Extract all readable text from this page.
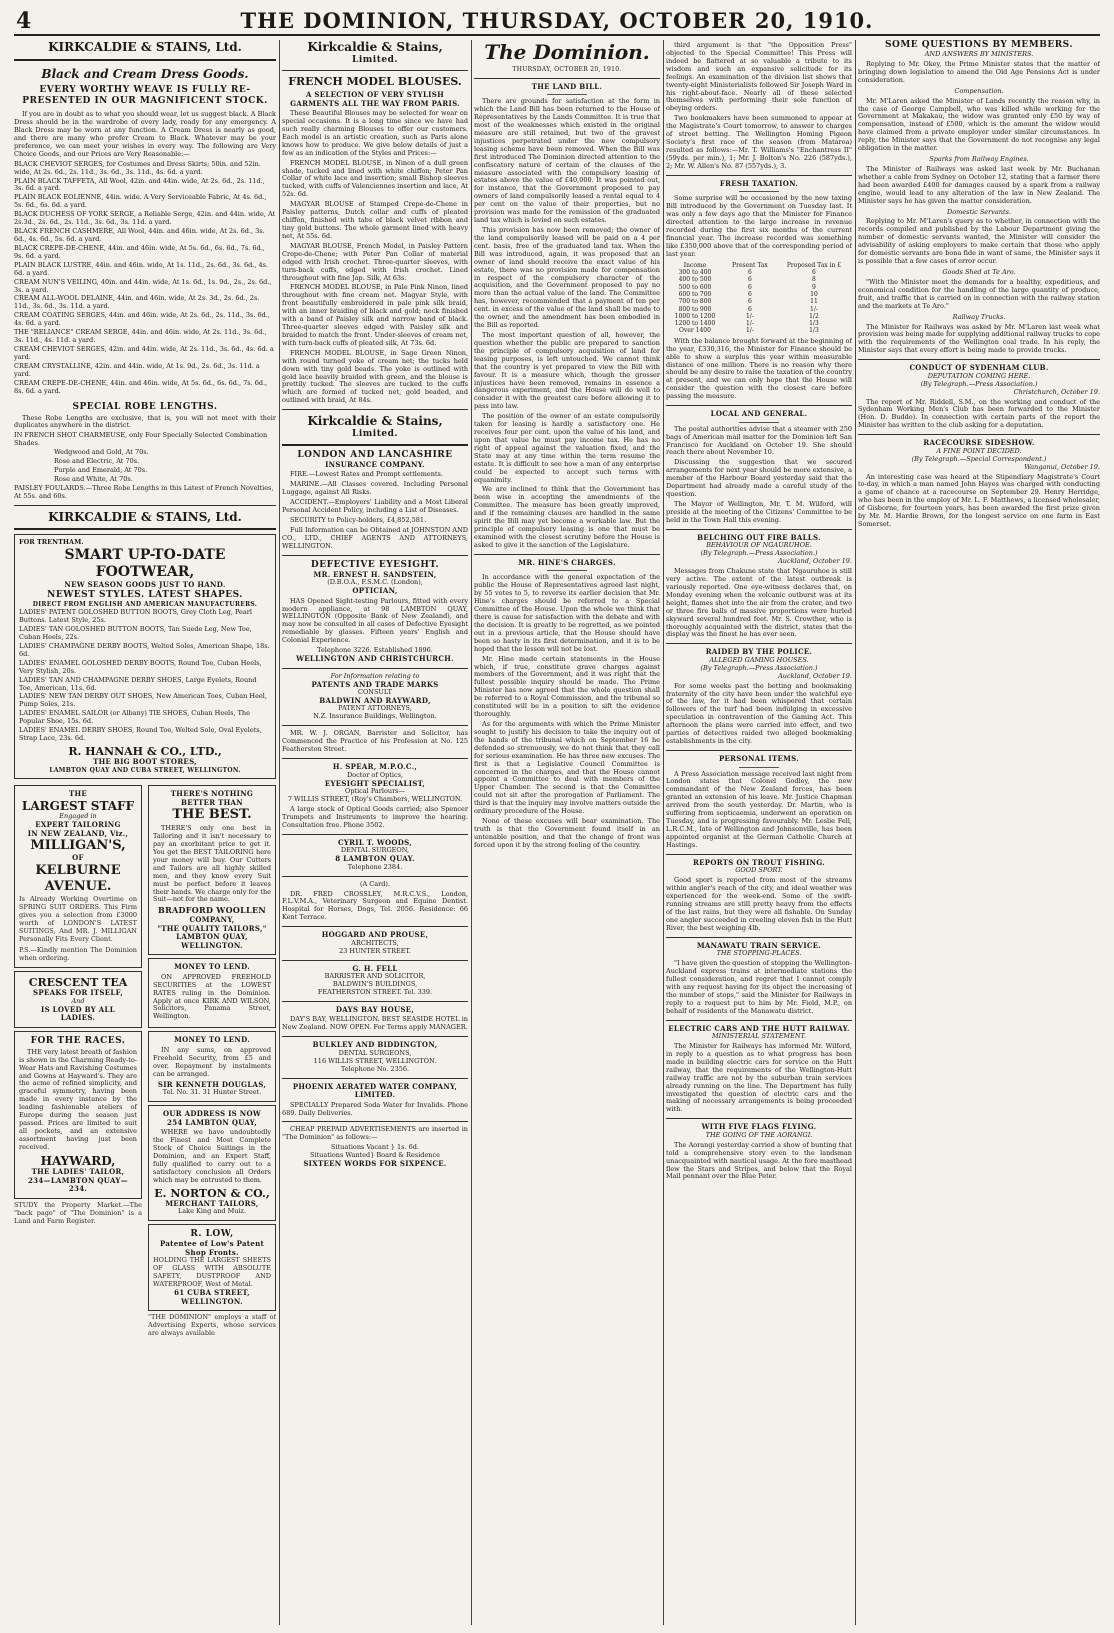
4	THE DOMINION, THURSDAY, OCTOBER 20, 1910.
KIRKCALDIE & STAINS, Ltd.
Black and Cream Dress Goods.
EVERY WORTHY WEAVE IS FULLY RE-
PRESENTED IN OUR MAGNIFICENT STOCK.
If you are in doubt as to what you should wear, let us suggest black. A Black Dress should be in the wardrobe of every lady, ready for any emergency. A Black Dress may be worn at any function. A Cream Dress is nearly as good, and there are many who prefer Cream to Black. Whatever may be your preference, we can meet your wishes in every way. The following are Very Choice Goods, and our Prices are Very Reasonable:—
BLACK CHEVIOT SERGES, for Costumes and Dress Skirts; 50in. and 52in. wide, At 2s. 6d., 2s. 11d., 3s. 6d., 3s. 11d., 4s. 6d. a yard.
PLAIN BLACK TAFFETA, All Wool, 42in. and 44in. wide, At 2s. 6d., 2s. 11d., 3s. 6d. a yard.
PLAIN BLACK EOLIENNE, 44in. wide. A Very Serviceable Fabric, At 4s. 6d., 5s. 6d., 6s. 6d. a yard.
BLACK DUCHESS OF YORK SERGE, a Reliable Serge, 42in. and 44in. wide, At 2s.3d., 2s. 6d., 2s. 11d., 3s. 6d., 3s. 11d. a yard.
BLACK FRENCH CASHMERE, All Wool, 44in. and 46in. wide, At 2s. 6d., 3s. 6d., 4s. 6d., 5s. 6d. a yard.
BLACK CREPE-DE-CHENE, 44in. and 46in. wide, At 5s. 6d., 6s. 6d., 7s. 6d., 9s. 6d. a yard.
PLAIN BLACK LUSTRE, 44in. and 46in. wide, At 1s. 11d., 2s. 6d., 3s. 6d., 4s. 6d. a yard.
CREAM NUN'S VEILING, 40in. and 44in. wide, At 1s. 6d., 1s. 9d., 2s., 2s. 6d., 3s. a yard.
CREAM ALL-WOOL DELAINE, 44in. and 46in. wide, At 2s. 3d., 2s. 6d., 2s. 11d., 3s. 6d., 3s. 11d. a yard.
CREAM COATING SERGES, 44in. and 46in. wide, At 2s. 6d., 2s. 11d., 3s. 6d., 4s. 6d. a yard.
THE "RELIANCE" CREAM SERGE, 44in. and 46in. wide, At 2s. 11d., 3s. 6d., 3s. 11d., 4s. 11d. a yard.
CREAM CHEVIOT SERGES, 42in. and 44in. wide, At 2s. 11d., 3s. 6d., 4s. 6d. a yard.
CREAM CRYSTALLINE, 42in. and 44in. wide, At 1s. 9d., 2s. 6d., 3s. 11d. a yard.
CREAM CREPE-DE-CHENE, 44in. and 46in. wide, At 5s. 6d., 6s. 6d., 7s. 6d., 8s. 6d. a yard.
SPECIAL ROBE LENGTHS.
These Robe Lengths are exclusive, that is, you will not meet with their duplicates anywhere in the district.
IN FRENCH SHOT CHARMEUSE, only Four Specially Selected Combination Shades.
Wedgwood and Gold, At 70s.
Rose and Electric, At 70s.
Purple and Emerald, At 70s.
Rose and White, At 70s.
PAISLEY FOULARDS.—Three Robe Lengths in this Latest of French Novelties, At 55s. and 60s.
KIRKCALDIE & STAINS, Ltd.
FOR TRENTHAM.
SMART UP-TO-DATE
FOOTWEAR,
NEW SEASON GOODS JUST TO HAND.
NEWEST STYLES. LATEST SHAPES.
DIRECT FROM ENGLISH AND AMERICAN MANUFACTURERS.
LADIES' PATENT GOLOSHED BUTTON BOOTS, Grey Cloth Leg, Pearl Buttons. Latest Style, 25s.
LADIES' TAN GOLOSHED BUTTON BOOTS, Tan Suede Leg, New Toe, Cuban Heels, 22s.
LADIES' CHAMPAGNE DERBY BOOTS, Welted Soles, American Shape, 18s. 6d.
LADIES' ENAMEL GOLOSHED DERBY BOOTS, Round Toe, Cuban Heels, Very Stylish, 20s.
LADIES' TAN AND CHAMPAGNE DERBY SHOES, Large Eyelets, Round Toe, American, 11s. 6d.
LADIES' NEW TAN DERBY OUT SHOES, New American Toes, Cuban Heel, Pump Soles, 21s.
LADIES' ENAMEL SAILOR (or Albany) TIE SHOES, Cuban Heels, The Popular Shoe, 15s. 6d.
LADIES' ENAMEL DERBY SHOES, Round Toe, Welted Sole, Oval Eyelets, Strap Lace, 23s. 6d.
R. HANNAH & CO., LTD.,
THE BIG BOOT STORES,
LAMBTON QUAY AND CUBA STREET, WELLINGTON.
THE
LARGEST STAFF
Engaged in
EXPERT TAILORING
IN NEW ZEALAND, Viz.,
MILLIGAN'S,
OF
KELBURNE
AVENUE.
Is Already Working Overtime on SPRING SUIT ORDERS. This Firm gives you a selection from £3000 worth of LONDON'S LATEST SUITINGS, And MR. J. MILLIGAN Personally Fits Every Client.
P.S.—Kindly mention The Dominion when ordering.
CRESCENT TEA
SPEAKS FOR ITSELF,
And
IS LOVED BY ALL
LADIES.
FOR THE RACES.
THE very latest breath of fashion is shown in the Charming Ready-to-Wear Hats and Ravishing Costumes and Gowns at Hayward's. They are the acme of refined simplicity, and graceful symmetry, having been made in every instance by the leading fashionable ateliers of Europe during the season just passed. Prices are limited to suit all pockets, and an extensive assortment having just been received.
HAYWARD,
THE LADIES' TAILOR,
234—LAMBTON QUAY—234.
STUDY the Property Market.—The "back page" of "The Dominion" is a Land and Farm Register.
THERE'S NOTHING BETTER THAN
THE BEST.
THERE'S only one best in Tailoring and it isn't necessary to pay an exorbitant price to get it. You get the BEST TAILORING here your money will buy. Our Cutters and Tailors are all highly skilled men, and they know every Suit must be perfect before it leaves their hands. We charge only for the Suit—not for the name.
BRADFORD WOOLLEN
COMPANY,
"THE QUALITY TAILORS,"
LAMBTON QUAY, WELLINGTON.
MONEY TO LEND.
ON APPROVED FREEHOLD SECURITIES at the LOWEST RATES ruling in the Dominion. Apply at once KIRK AND WILSON, Solicitors, Panama Street, Wellington.
MONEY TO LEND.
IN any sums, on approved Freehold Security, from £5 and over. Repayment by instalments can be arranged.
SIR KENNETH DOUGLAS,
Tel. No. 31. 31 Hunter Street.
OUR ADDRESS IS NOW
254 LAMBTON QUAY,
WHERE we have undoubtedly the Finest and Most Complete Stock of Choice Suitings in the Dominion, and an Expert Staff, fully qualified to carry out to a satisfactory conclusion all Orders which may be entrusted to them.
E. NORTON & CO.,
MERCHANT TAILORS,
Lake King and Muiz.
R. LOW,
Patentee of Low's Patent Shop Fronts.
HOLDING THE LARGEST SHEETS OF GLASS WITH ABSOLUTE SAFETY, DUSTPROOF AND WATERPROOF, West of Metal.
61 CUBA STREET, WELLINGTON.
"THE DOMINION" employs a staff of Advertising Experts, whose services are always available
Kirkcaldie & Stains,
Limited.
FRENCH MODEL BLOUSES.
A SELECTION OF VERY STYLISH GARMENTS ALL THE WAY FROM PARIS.
These Beautiful Blouses may be selected for wear on special occasions. It is a long time since we have had such really charming Blouses to offer our customers. Each model is an artistic creation, such as Paris alone knows how to produce. We give below details of just a few as an indication of the Styles and Prices:—
FRENCH MODEL BLOUSE, in Ninon of a dull green shade, tucked and lined with white chiffon; Peter Pan Collar of white lace and insertion; small Bishop sleeves tucked, with cuffs of Valenciennes insertion and lace, At 52s. 6d.
MAGYAR BLOUSE of Stamped Crepe-de-Chene in Paisley patterns, Dutch collar and cuffs of pleated chiffon, finished with tabs of black velvet ribbon and tiny gold buttons. The whole garment lined with heavy net, At 55s. 6d.
MAGYAR BLOUSE, French Model, in Paisley Pattern Crepe-de-Chene; with Peter Pan Collar of material edged with Irish crochet. Three-quarter sleeves, with turn-back cuffs, edged with Irish crochet. Lined throughout with fine Jap. Silk, At 63s.
FRENCH MODEL BLOUSE, in Pale Pink Ninon, lined throughout with fine cream net. Magyar Style, with front beautifully embroidered in pale pink silk braid, with an inner braiding of black and gold; neck finished with a band of Paisley silk and narrow band of black. Three-quarter sleeves edged with Paisley silk and braided to match the front. Under-sleeves of cream net, with turn-back cuffs of pleated silk, At 73s. 6d.
FRENCH MODEL BLOUSE, in Sage Green Ninon, with round turned yoke of cream net; the tucks held down with tiny gold beads. The yoke is outlined with gold lace heavily braided with green, and the blouse is prettily tucked. The sleeves are tucked to the cuffs which are formed of tucked net, gold beaded, and outlined with braid, At 84s.
Kirkcaldie & Stains,
Limited.
LONDON AND LANCASHIRE
INSURANCE COMPANY.
FIRE.—Lowest Rates and Prompt settlements.
MARINE.—All Classes covered. Including Personal Luggage, against All Risks.
ACCIDENT.—Employers' Liability and a Most Liberal Personal Accident Policy, including a List of Diseases.
SECURITY to Policy-holders, £4,852,581.
Full Information can be Obtained at JOHNSTON AND CO., LTD., CHIEF AGENTS AND ATTORNEYS, WELLINGTON.
DEFECTIVE EYESIGHT.
MR. ERNEST H. SANDSTEIN,
(D.B.O.A., F.S.M.C. (London),
OPTICIAN,
HAS Opened Sight-testing Parlours, fitted with every modern appliance, at 98 LAMBTON QUAY, WELLINGTON (Opposite Bank of New Zealand), and may now be consulted in all cases of Defective Eyesight remediable by glasses. Fifteen years' English and Colonial Experience.
Telephone 3226. Established 1896.
WELLINGTON AND CHRISTCHURCH.
For Information relating to
PATENTS AND TRADE MARKS
CONSULT
BALDWIN AND RAYWARD,
PATENT ATTORNEYS,
N.Z. Insurance Buildings, Wellington.
MR. W. J. ORGAN, Barrister and Solicitor, has Commenced the Practice of his Profession at No. 125 Featherston Street.
H. SPEAR, M.P.O.C.,
Doctor of Optics,
EYESIGHT SPECIALIST,
Optical Parlours—
7 WILLIS STREET, (Roy's Chambers, WELLINGTON.
A large stock of Optical Goods carried; also Spencer Trumpets and Instruments to improve the hearing. Consultation free. Phone 3502.
CYRIL T. WOODS,
DENTAL SURGEON,
8 LAMBTON QUAY.
Telephone 2384.
(A Card).
DR. FRED CROSSLEY, M.R.C.V.S., London, F.L.V.M.A., Veterinary Surgeon and Equine Dentist. Hospital for Horses, Dogs, Tel. 2056. Residence: 66 Kent Terrace.
HOGGARD AND PROUSE,
ARCHITECTS,
23 HUNTER STREET.
G. H. FELL
BARRISTER AND SOLICITOR,
BALDWIN'S BUILDINGS,
FEATHERSTON STREET. Tel. 339.
DAYS BAY HOUSE,
DAY'S BAY, WELLINGTON. BEST SEASIDE HOTEL in New Zealand. NOW OPEN. For Terms apply MANAGER.
BULKLEY AND BIDDINGTON,
DENTAL SURGEONS,
116 WILLIS STREET, WELLINGTON.
Telephone No. 2356.
PHOENIX AERATED WATER COMPANY, LIMITED.
SPECIALLY Prepared Soda Water for Invalids. Phone 689. Daily Deliveries.
CHEAP PREPAID ADVERTISEMENTS are inserted in "The Dominion" as follows:—
Situations Vacant } 1s. 6d.
Situations Wanted} Board & Residence
SIXTEEN WORDS FOR SIXPENCE.
The Dominion.
THURSDAY, OCTOBER 20, 1910.
THE LAND BILL.
There are grounds for satisfaction at the form in which the Land Bill has been returned to the House of Representatives by the Lands Committee. It is true that most of the weaknesses which existed in the original measure are still retained, but two of the gravest injustices perpetrated under the new compulsory leasing scheme have been removed. When the Bill was first introduced The Dominion directed attention to the confiscatory nature of certain of the clauses of the measure associated with the compulsory leasing of estates above the value of £40,000. It was pointed out, for instance, that the Government proposed to pay owners of land compulsorily leased a rental equal to 4 per cent on the value of their properties, but no provision was made for the remission of the graduated land tax which is levied on such estates.
This provision has now been removed; the owner of the land compulsorily leased will be paid on a 4 per cent. basis, free of the graduated land tax. When the Bill was introduced, again, it was proposed that an owner of land should receive the exact value of his estate, there was no provision made for compensation in respect of the compulsory character of the acquisition, and the Government proposed to pay no more than the actual value of the land. The Committee has, however, recommended that a payment of ten per cent. in excess of the value of the land shall be made to the owner, and the amendment has been embodied in the Bill as reported.
The most important question of all, however, the question whether the public are prepared to sanction the principle of compulsory acquisition of land for leasing purposes, is left untouched. We cannot think that the country is yet prepared to view the Bill with favour. It is a measure which, though the grosser injustices have been removed, remains in essence a dangerous experiment, and the House will do well to consider it with the greatest care before allowing it to pass into law.
The position of the owner of an estate compulsorily taken for leasing is hardly a satisfactory one. He receives four per cent. upon the value of his land, and upon that value he must pay income tax. He has no right of appeal against the valuation fixed, and the State may at any time within the term resume the estate. It is difficult to see how a man of any enterprise could be expected to accept such terms with equanimity.
We are inclined to think that the Government has been wise in accepting the amendments of the Committee. The measure has been greatly improved, and if the remaining clauses are handled in the same spirit the Bill may yet become a workable law. But the principle of compulsory leasing is one that must be examined with the closest scrutiny before the House is asked to give it the sanction of the Legislature.
MR. HINE'S CHARGES.
In accordance with the general expectation of the public the House of Representatives agreed last night, by 55 votes to 5, to reverse its earlier decision that Mr. Hine's charges should be referred to a Special Committee of the House. Upon the whole we think that there is cause for satisfaction with the debate and with the decision. It is greatly to be regretted, as we pointed out in a previous article, that the House should have been so hasty in its first determination, and it is to be hoped that the lesson will not be lost.
Mr. Hine made certain statements in the House which, if true, constitute grave charges against members of the Government, and it was right that the fullest possible inquiry should be made. The Prime Minister has now agreed that the whole question shall be referred to a Royal Commission, and the tribunal so constituted will be in a position to sift the evidence thoroughly.
As for the arguments with which the Prime Minister sought to justify his decision to take the inquiry out of the hands of the tribunal which on September 16 he defended so strenuously, we do not think that they call for serious examination. He has three new excuses. The first is that a Legislative Council Committee is concerned in the charges, and that the House cannot appoint a Committee to deal with members of the Upper Chamber. The second is that the Committee could not sit after the prorogation of Parliament. The third is that the inquiry may involve matters outside the ordinary procedure of the House.
None of these excuses will bear examination. The truth is that the Government found itself in an untenable position, and that the change of front was forced upon it by the strong feeling of the country.
third argument is that "the Opposition Press" objected to the Special Committee! This Press will indeed be flattered at so valuable a tribute to its wisdom and such an expansive solicitude for its feelings. An examination of the division list shows that twenty-eight Ministerialists followed Sir Joseph Ward in his right-about-face. Nearly all of these selected themselves with performing their sole function of obeying orders.
Two bookmakers have been summoned to appear at the Magistrate's Court tomorrow, to answer to charges of street betting. The Wellington Homing Pigeon Society's first race of the season (from Mataroa) resulted as follows:—Mr. T. Williams's "Enchantress II" (59yds. per min.), 1; Mr. J. Bolton's No. 226 (587yds.), 2; Mr. W. Allen's No. 87 (557yds.), 3.
FRESH TAXATION.
Some surprise will be occasioned by the new taxing Bill introduced by the Government on Tuesday last. It was only a few days ago that the Minister for Finance directed attention to the large increase in revenue recorded during the first six months of the current financial year. The increase recorded was something like £350,000 above that of the corresponding period of last year.
Income	Present Tax	Proposed Tax in £
300 to 400	6	6
400 to 500	6	8
500 to 600	6	9
600 to 700	6	10
700 to 800	6	11
800 to 900	6	1/-
1000 to 1200	1/-	1/2
1200 to 1400	1/-	1/3
Over 1400	1/-	1/3
With the balance brought forward at the beginning of the year, £330,316, the Minister for Finance should be able to show a surplus this year within measurable distance of one million. There is no reason why there should be any desire to raise the taxation of the country at present, and we can only hope that the House will consider the question with the closest care before passing the measure.
LOCAL AND GENERAL.
The postal authorities advise that a steamer with 250 bags of American mail matter for the Dominion left San Francisco for Auckland on October 19. She should reach there about November 10.
Discussing the suggestion that we secured arrangements for next year should be more extensive, a member of the Harbour Board yesterday said that the Department had already made a careful study of the question.
The Mayor of Wellington, Mr. T. M. Wilford, will preside at the meeting of the Citizens' Committee to be held in the Town Hall this evening.
BELCHING OUT FIRE BALLS.
BEHAVIOUR OF NGAURUHOE.
(By Telegraph.—Press Association.)
Auckland, October 19.
Messages from Chakune state that Ngauruhoe is still very active. The extent of the latest outbreak is variously reported. One eye-witness declares that, on Monday evening when the volcanic outburst was at its height, flames shot into the air from the crater, and two or three fire balls of massive proportions were hurled skyward several hundred feet. Mr. S. Crowther, who is thoroughly acquainted with the district, states that the display was the finest he has ever seen.
RAIDED BY THE POLICE.
ALLEGED GAMING HOUSES.
(By Telegraph.—Press Association.)
Auckland, October 19.
For some weeks past the betting and bookmaking fraternity of the city have been under the watchful eye of the law, for it had been whispered that certain followers of the turf had been indulging in excessive speculation in contravention of the Gaming Act. This afternoon the plans were carried into effect, and two parties of detectives raided two alleged bookmaking establishments in the city.
PERSONAL ITEMS.
A Press Association message received last night from London states that Colonel Godley, the new commandant of the New Zealand forces, has been granted an extension of his leave. Mr. Justice Chapman arrived from the south yesterday. Dr. Martin, who is suffering from septicaemia, underwent an operation on Tuesday, and is progressing favourably. Mr. Leslie Fell, L.R.C.M., late of Wellington and Johnsonville, has been appointed organist at the German Catholic Church at Hastings.
REPORTS ON TROUT FISHING.
GOOD SPORT.
Good sport is reported from most of the streams within angler's reach of the city, and ideal weather was experienced for the week-end. Some of the swift-running streams are still pretty heavy from the effects of the last rains, but they were all fishable. On Sunday one angler succeeded in creeling eleven fish in the Hutt River, the best weighing 4lb.
MANAWATU TRAIN SERVICE.
THE STOPPING-PLACES.
"I have given the question of stopping the Wellington-Auckland express trains at intermediate stations the fullest consideration, and regret that I cannot comply with any request having for its object the increasing of the number of stops," said the Minister for Railways in reply to a request put to him by Mr. Field, M.P., on behalf of residents of the Manawatu district.
ELECTRIC CARS AND THE HUTT RAILWAY.
MINISTERIAL STATEMENT.
The Minister for Railways has informed Mr. Wilford, in reply to a question as to what progress has been made in building electric cars for service on the Hutt railway, that the requirements of the Wellington-Hutt railway traffic are not by the suburban train services already running on the line. The Department has fully investigated the question of electric cars and the making of necessary arrangements is being proceeded with.
WITH FIVE FLAGS FLYING.
THE GOING OF THE AORANGI.
The Aorangi yesterday carried a show of bunting that told a comprehensive story even to the landsman unacquainted with nautical usage. At the fore masthead flew the Stars and Stripes, and below that the Royal Mail pennant over the Blue Peter.
SOME QUESTIONS BY MEMBERS.
AND ANSWERS BY MINISTERS.
Replying to Mr. Okey, the Prime Minister states that the matter of bringing down legislation to amend the Old Age Pensions Act is under consideration.
Compensation.
Mr. M'Laren asked the Minister of Lands recently the reason why, in the case of George Campbell, who was killed while working for the Government at Makakau, the widow was granted only £50 by way of compensation, instead of £500, which is the amount the widow would have claimed from a private employer under similar circumstances. In reply, the Minister says that the Government do not recognise any legal obligation in the matter.
Sparks from Railway Engines.
The Minister of Railways was asked last week by Mr. Buchanan whether a cable from Sydney on October 12, stating that a farmer there had been awarded £400 for damages caused by a spark from a railway engine, would lead to any alteration of the law in New Zealand. The Minister says he has given the matter consideration.
Domestic Servants.
Replying to Mr. M'Laren's query as to whether, in connection with the records compiled and published by the Labour Department giving the number of domestic servants wanted, the Minister will consider the advisability of asking employers to make certain that those who apply for domestic servants are bona fide in want of same, the Minister says it is possible that a few cases of error occur.
Goods Shed at Te Aro.
"With the Minister meet the demands for a healthy, expeditious, and economical condition for the handling of the large quantity of produce, fruit, and traffic that is carried on in connection with the railway station and the markets at Te Aro."
Railway Trucks.
The Minister for Railways was asked by Mr. M'Laren last week what provision was being made for supplying additional railway trucks to cope with the requirements of the Wellington coal trade. In his reply, the Minister says that every effort is being made to provide trucks.
CONDUCT OF SYDENHAM CLUB.
DEPUTATION COMING HERE.
(By Telegraph.—Press Association.)
Christchurch, October 19.
The report of Mr. Riddell, S.M., on the working and conduct of the Sydenham Working Men's Club has been forwarded to the Minister (Hon. D. Buddo). In connection with certain parts of the report the Minister has written to the club asking for a deputation.
RACECOURSE SIDESHOW.
A FINE POINT DECIDED.
(By Telegraph.—Special Correspondent.)
Wanganui, October 19.
An interesting case was heard at the Stipendiary Magistrate's Court to-day, in which a man named John Hayes was charged with conducting a game of chance at a racecourse on September 29. Henry Herridge, who has been in the employ of Mr. L. F. Matthews, a licensed wholesaler, of Gisborne, for fourteen years, has been awarded the first prize given by Mr. M. Hardie Brown, for the longest service on one farm in East Somerset.
